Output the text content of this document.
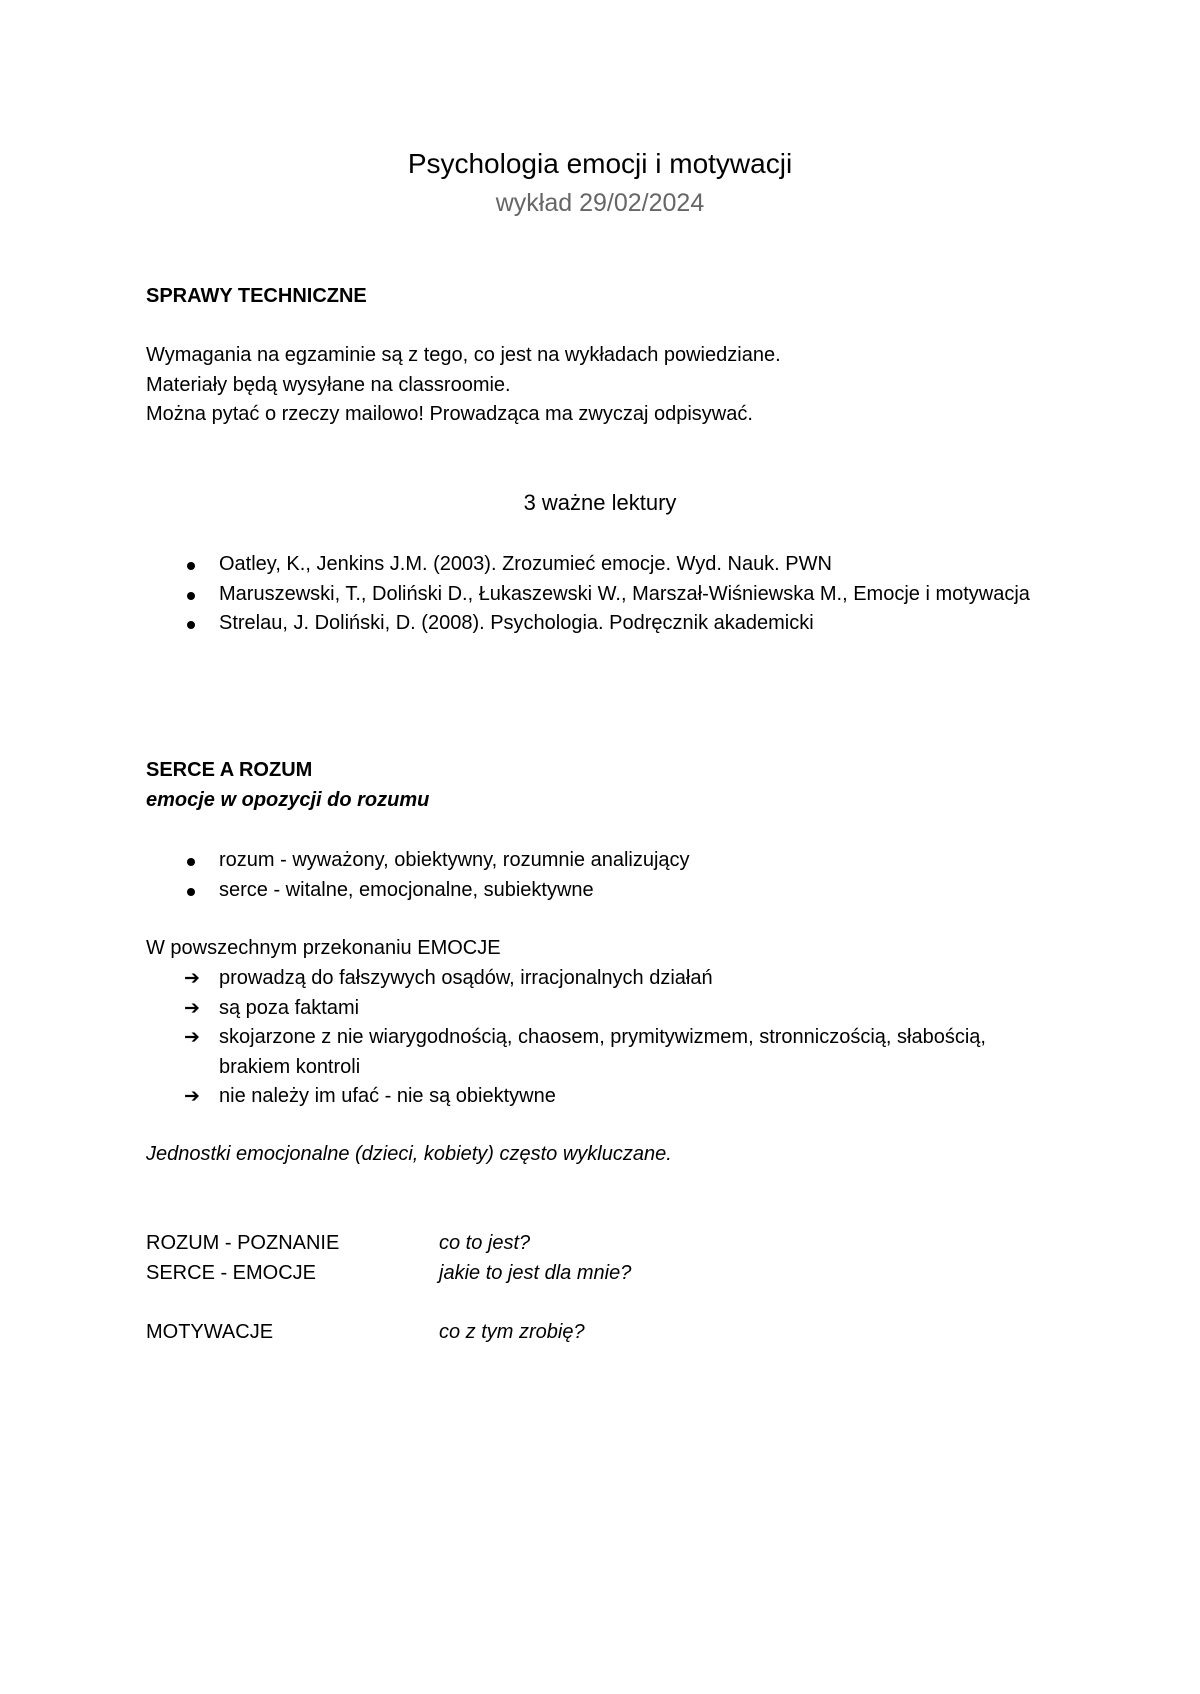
Psychologia emocji i motywacji
wykład 29/02/2024
SPRAWY TECHNICZNE

Wymagania na egzaminie są z tego, co jest na wykładach powiedziane.

Materiały będą wysyłane na classroomie.

Można pytać o rzeczy mailowo! Prowadząca ma zwyczaj odpisywać.

3 ważne lektury
Oatley, K., Jenkins J.M. (2003). Zrozumieć emocje. Wyd. Nauk. PWN
Maruszewski, T., Doliński D., Łukaszewski W., Marszał-Wiśniewska M., Emocje i motywacja
Strelau, J. Doliński, D. (2008). Psychologia. Podręcznik akademicki
SERCE A ROZUM
emocje w opozycji do rozumu
rozum - wyważony, obiektywny, rozumnie analizujący
serce - witalne, emocjonalne, subiektywne
W powszechnym przekonaniu EMOCJE
➔ prowadzą do fałszywych osądów, irracjonalnych działań
➔ są poza faktami
➔ skojarzone z nie wiarygodnością, chaosem, prymitywizmem, stronniczością, słabością, brakiem kontroli
➔ nie należy im ufać - nie są obiektywne
Jednostki emocjonalne (dzieci, kobiety) często wykluczane.
ROZUM - POZNANIE	co to jest?
SERCE - EMOCJE	jakie to jest dla mnie?
MOTYWACJE	co z tym zrobię?
